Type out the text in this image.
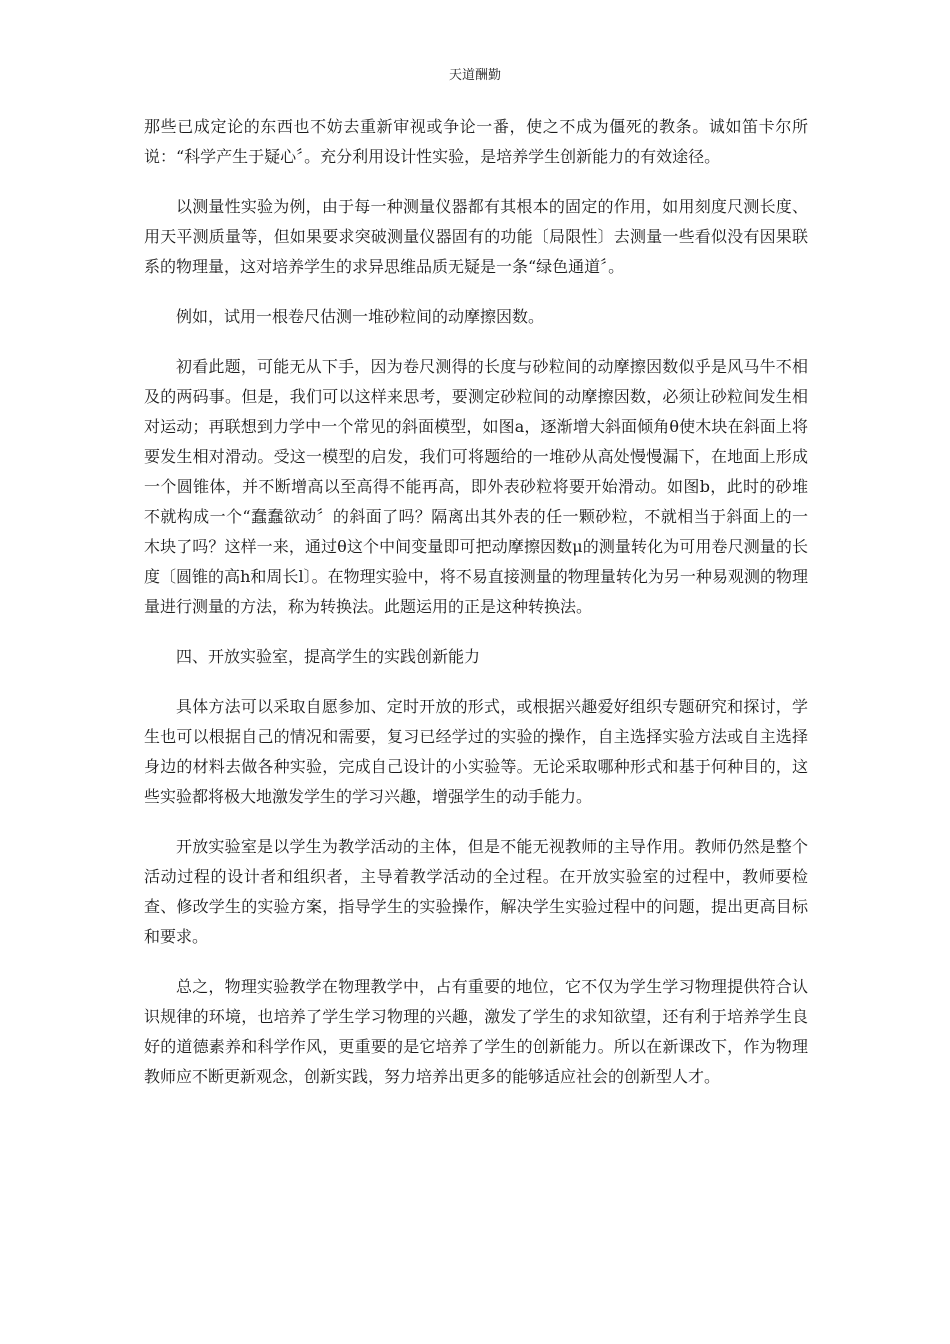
天道酬勤

那些已成定论的东西也不妨去重新审视或争论一番，使之不成为僵死的教条。诚如笛卡尔所说：“科学产生于疑心〞。充分利用设计性实验，是培养学生创新能力的有效途径。

以测量性实验为例，由于每一种测量仪器都有其根本的固定的作用，如用刻度尺测长度、用天平测质量等，但如果要求突破测量仪器固有的功能〔局限性〕去测量一些看似没有因果联系的物理量，这对培养学生的求异思维品质无疑是一条“绿色通道〞。

例如，试用一根卷尺估测一堆砂粒间的动摩擦因数。

初看此题，可能无从下手，因为卷尺测得的长度与砂粒间的动摩擦因数似乎是风马牛不相及的两码事。但是，我们可以这样来思考，要测定砂粒间的动摩擦因数，必须让砂粒间发生相对运动；再联想到力学中一个常见的斜面模型，如图a，逐渐增大斜面倾角θ使木块在斜面上将要发生相对滑动。受这一模型的启发，我们可将题给的一堆砂从高处慢慢漏下，在地面上形成一个圆锥体，并不断增高以至高得不能再高，即外表砂粒将要开始滑动。如图b，此时的砂堆不就构成一个“蠢蠢欲动〞的斜面了吗？隔离出其外表的任一颗砂粒，不就相当于斜面上的一木块了吗？这样一来，通过θ这个中间变量即可把动摩擦因数μ的测量转化为可用卷尺测量的长度〔圆锥的高h和周长l〕。在物理实验中，将不易直接测量的物理量转化为另一种易观测的物理量进行测量的方法，称为转换法。此题运用的正是这种转换法。

四、开放实验室，提高学生的实践创新能力

具体方法可以采取自愿参加、定时开放的形式，或根据兴趣爱好组织专题研究和探讨，学生也可以根据自己的情况和需要，复习已经学过的实验的操作，自主选择实验方法或自主选择身边的材料去做各种实验，完成自己设计的小实验等。无论采取哪种形式和基于何种目的，这些实验都将极大地激发学生的学习兴趣，增强学生的动手能力。

开放实验室是以学生为教学活动的主体，但是不能无视教师的主导作用。教师仍然是整个活动过程的设计者和组织者，主导着教学活动的全过程。在开放实验室的过程中，教师要检查、修改学生的实验方案，指导学生的实验操作，解决学生实验过程中的问题，提出更高目标和要求。

总之，物理实验教学在物理教学中，占有重要的地位，它不仅为学生学习物理提供符合认识规律的环境，也培养了学生学习物理的兴趣，激发了学生的求知欲望，还有利于培养学生良好的道德素养和科学作风，更重要的是它培养了学生的创新能力。所以在新课改下，作为物理教师应不断更新观念，创新实践，努力培养出更多的能够适应社会的创新型人才。
